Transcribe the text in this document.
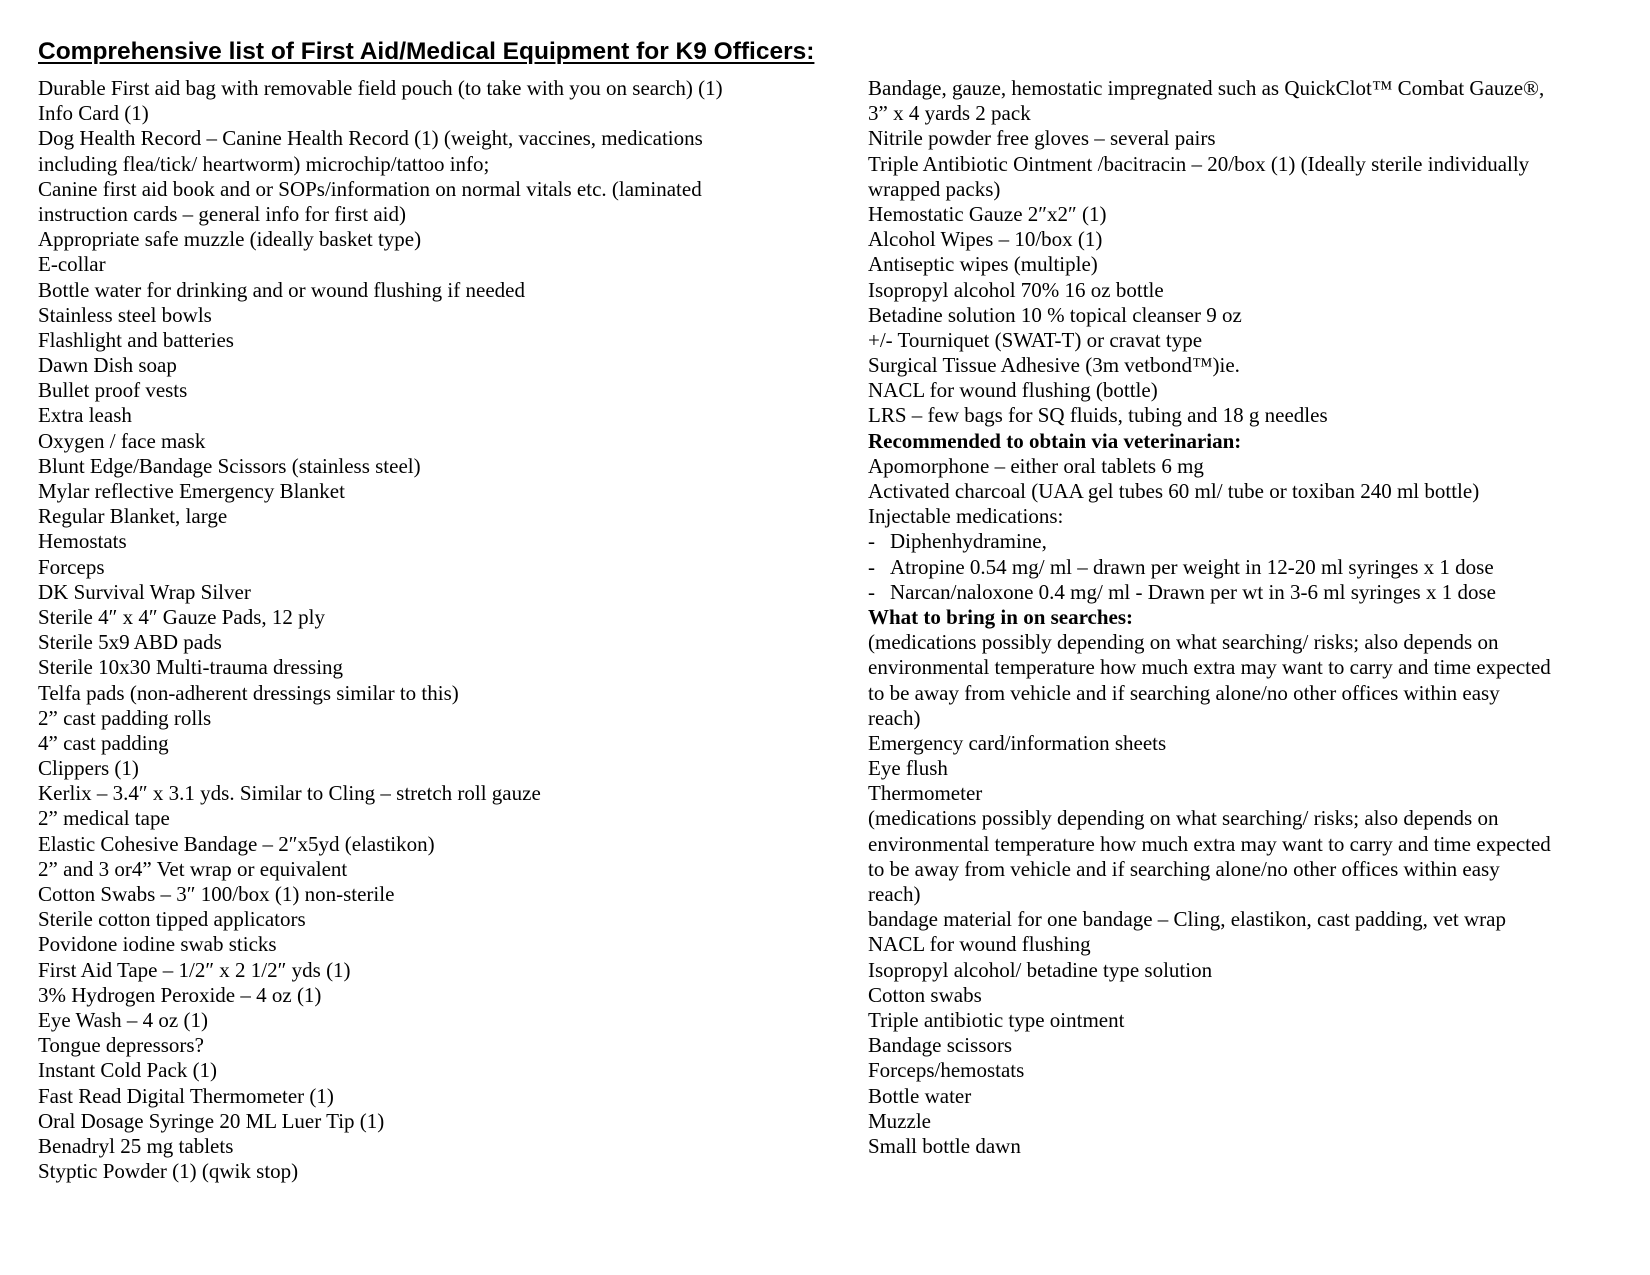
Comprehensive list of First Aid/Medical Equipment for K9 Officers:
Durable First aid bag with removable field pouch (to take with you on search) (1)
Info Card (1)
Dog Health Record – Canine Health Record (1) (weight, vaccines, medications
including flea/tick/ heartworm) microchip/tattoo info;
Canine first aid book and or SOPs/information on normal vitals etc. (laminated
instruction cards – general info for first aid)
Appropriate safe muzzle (ideally basket type)
E-collar
Bottle water for drinking and or wound flushing if needed
Stainless steel bowls
Flashlight and batteries
Dawn Dish soap
Bullet proof vests
Extra leash
Oxygen / face mask
Blunt Edge/Bandage Scissors (stainless steel)
Mylar reflective Emergency Blanket
Regular Blanket, large
Hemostats
Forceps
DK Survival Wrap Silver
Sterile 4″ x 4″ Gauze Pads, 12 ply
Sterile 5x9 ABD pads
Sterile 10x30 Multi-trauma dressing
Telfa pads (non-adherent dressings similar to this)
2” cast padding rolls
4” cast padding
Clippers (1)
Kerlix – 3.4″ x 3.1 yds. Similar to Cling – stretch roll gauze
2” medical tape
Elastic Cohesive Bandage – 2″x5yd (elastikon)
2” and 3 or4” Vet wrap or equivalent
Cotton Swabs – 3″ 100/box (1) non-sterile
Sterile cotton tipped applicators
Povidone iodine swab sticks
First Aid Tape – 1/2″ x 2 1/2″ yds (1)
3% Hydrogen Peroxide – 4 oz (1)
Eye Wash – 4 oz (1)
Tongue depressors?
Instant Cold Pack (1)
Fast Read Digital Thermometer (1)
Oral Dosage Syringe 20 ML Luer Tip (1)
Benadryl 25 mg tablets
Styptic Powder (1) (qwik stop)
Bandage, gauze, hemostatic impregnated such as QuickClot™ Combat Gauze®,
3” x 4 yards 2 pack
Nitrile powder free gloves – several pairs
Triple Antibiotic Ointment /bacitracin – 20/box (1) (Ideally sterile individually
wrapped packs)
Hemostatic Gauze 2″x2″ (1)
Alcohol Wipes – 10/box (1)
Antiseptic wipes (multiple)
Isopropyl alcohol 70% 16 oz bottle
Betadine solution 10 % topical cleanser 9 oz
+/- Tourniquet (SWAT-T) or cravat type
Surgical Tissue Adhesive (3m vetbond™)ie.
NACL for wound flushing (bottle)
LRS – few bags for SQ fluids, tubing and 18 g needles
Recommended to obtain via veterinarian:
Apomorphone – either oral tablets 6 mg
Activated charcoal (UAA gel tubes 60 ml/ tube or toxiban 240 ml bottle)
Injectable medications:
- Diphenhydramine,
- Atropine 0.54 mg/ ml – drawn per weight in 12-20 ml syringes x 1 dose
- Narcan/naloxone 0.4 mg/ ml - Drawn per wt in 3-6 ml syringes x 1 dose
What to bring in on searches:
(medications possibly depending on what searching/ risks; also depends on
environmental temperature how much extra may want to carry and time expected
to be away from vehicle and if searching alone/no other offices within easy
reach)
Emergency card/information sheets
Eye flush
Thermometer
(medications possibly depending on what searching/ risks; also depends on
environmental temperature how much extra may want to carry and time expected
to be away from vehicle and if searching alone/no other offices within easy
reach)
bandage material for one bandage – Cling, elastikon, cast padding, vet wrap
NACL for wound flushing
Isopropyl alcohol/ betadine type solution
Cotton swabs
Triple antibiotic type ointment
Bandage scissors
Forceps/hemostats
Bottle water
Muzzle
Small bottle dawn
